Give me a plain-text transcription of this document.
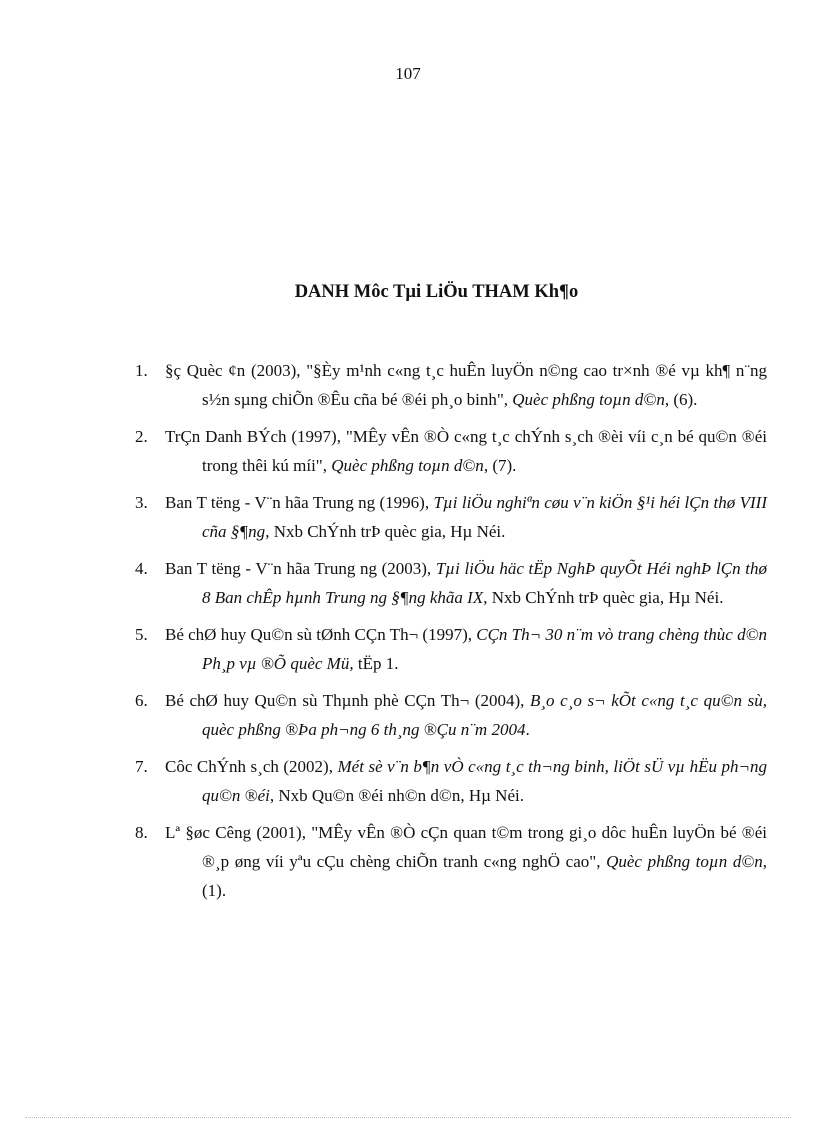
107
DANH Môc Tµi LiÖu THAM Kh¶o
1. §ç Quèc ¢n (2003), "§Èy m¹nh c«ng t¸c huÊn luyÖn n©ng cao tr×nh ®é vµ kh¶ n¨ng s½n sµng chiÕn ®Êu cña bé ®éi ph¸o binh", Quèc phßng toµn d©n, (6).
2. TrÇn Danh BÝch (1997), "MÊy vÊn ®Ò c«ng t¸c chÝnh s¸ch ®èi víi c¸n bé qu©n ®éi trong thêi kú míi", Quèc phßng toµn d©n, (7).
3. Ban T tëng - V¨n hãa Trung ng (1996), Tµi liÖu nghiªn cøu v¨n kiÖn §¹i héi lÇn thø VIII cña §¶ng, Nxb ChÝnh trÞ quèc gia, Hµ Néi.
4. Ban T tëng - V¨n hãa Trung ng (2003), Tµi liÖu häc tËp NghÞ quyÕt Héi nghÞ lÇn thø 8 Ban chÊp hµnh Trung ng §¶ng khãa IX, Nxb ChÝnh trÞ quèc gia, Hµ Néi.
5. Bé chØ huy Qu©n sù tØnh CÇn Th¬ (1997), CÇn Th¬ 30 n¨m vò trang chèng thùc d©n Ph¸p vµ ®Õ quèc Mü, tËp 1.
6. Bé chØ huy Qu©n sù Thµnh phè CÇn Th¬ (2004), B¸o c¸o s¬ kÕt c«ng t¸c qu©n sù, quèc phßng ®Þa ph¬ng 6 th¸ng ®Çu n¨m 2004.
7. Côc ChÝnh s¸ch (2002), Mét sè v¨n b¶n vÒ c«ng t¸c th¬ng binh, liÖt sÜ vµ hËu ph¬ng qu©n ®éi, Nxb Qu©n ®éi nh©n d©n, Hµ Néi.
8. Lª §øc Cêng (2001), "MÊy vÊn ®Ò cÇn quan t©m trong gi¸o dôc huÊn luyÖn bé ®éi ®¸p øng víi yªu cÇu chèng chiÕn tranh c«ng nghÖ cao", Quèc phßng toµn d©n, (1).
